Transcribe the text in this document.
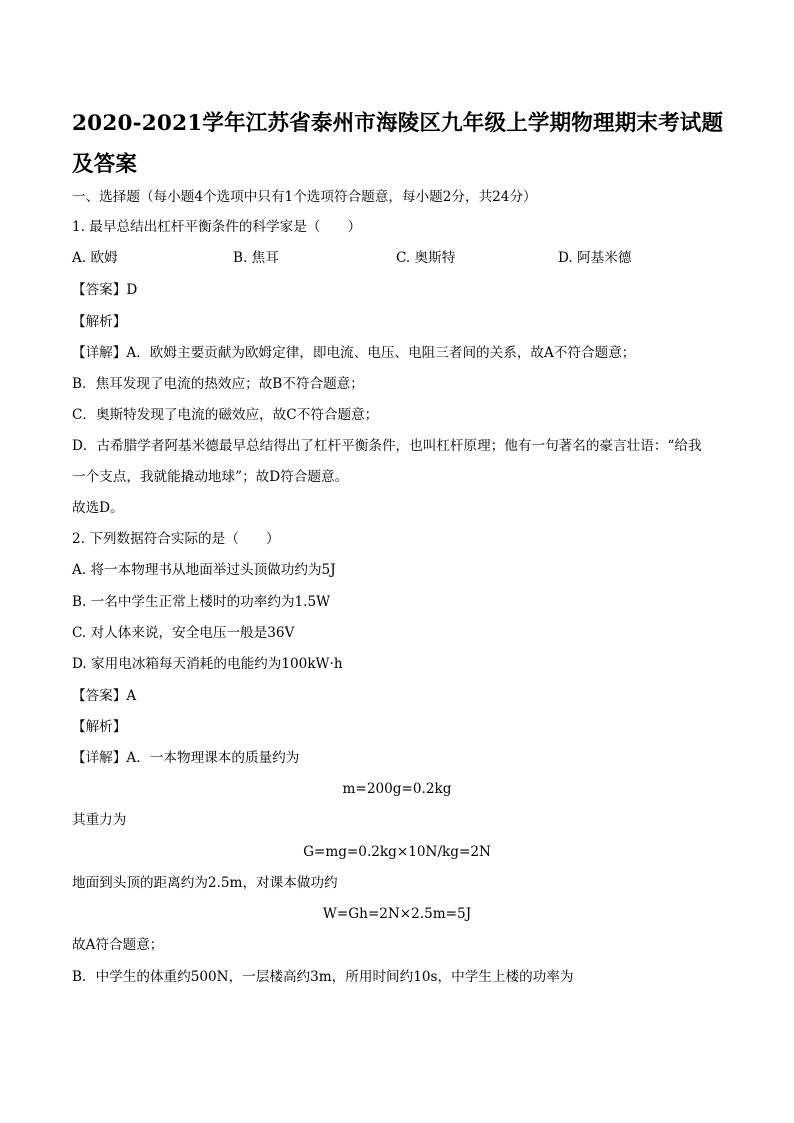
2020-2021学年江苏省泰州市海陵区九年级上学期物理期末考试题及答案
一、选择题（每小题4个选项中只有1个选项符合题意，每小题2分，共24分）
1. 最早总结出杠杆平衡条件的科学家是（　　）
A. 欧姆	B. 焦耳	C. 奥斯特	D. 阿基米德
【答案】D
【解析】
【详解】A．欧姆主要贡献为欧姆定律，即电流、电压、电阻三者间的关系，故A不符合题意；
B．焦耳发现了电流的热效应；故B不符合题意；
C．奥斯特发现了电流的磁效应，故C不符合题意；
D．古希腊学者阿基米德最早总结得出了杠杆平衡条件，也叫杠杆原理；他有一句著名的豪言壮语：“给我
一个支点，我就能撬动地球”；故D符合题意。
故选D。
2. 下列数据符合实际的是（　　）
A. 将一本物理书从地面举过头顶做功约为5J
B. 一名中学生正常上楼时的功率约为1.5W
C. 对人体来说，安全电压一般是36V
D. 家用电冰箱每天消耗的电能约为100kW·h
【答案】A
【解析】
【详解】A．一本物理课本的质量约为
m=200g=0.2kg
其重力为
G=mg=0.2kg×10N/kg=2N
地面到头顶的距离约为2.5m，对课本做功约
W=Gh=2N×2.5m=5J
故A符合题意；
B．中学生的体重约500N，一层楼高约3m，所用时间约10s，中学生上楼的功率为
